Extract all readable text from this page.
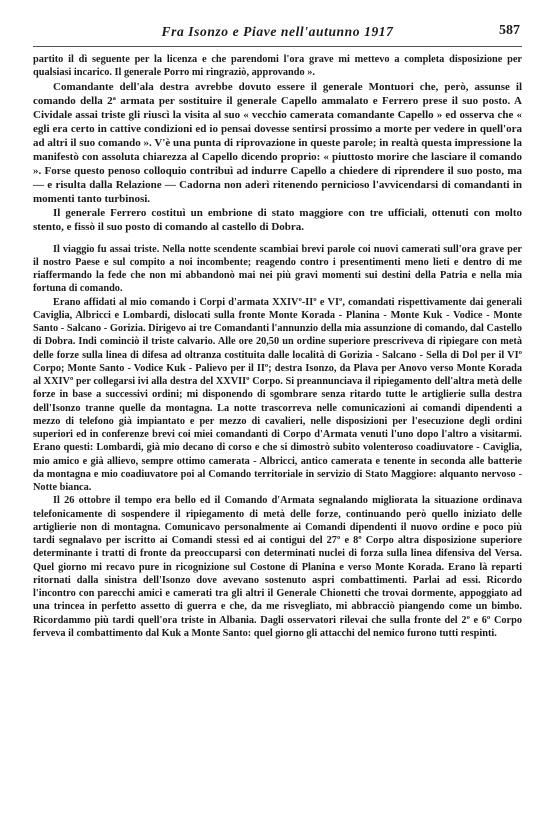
Fra Isonzo e Piave nell'autunno 1917	587

partito il dì seguente per la licenza e che parendomi l'ora grave mi mettevo a completa disposizione per qualsiasi incarico. Il generale Porro mi ringraziò, approvando ».

Comandante dell'ala destra avrebbe dovuto essere il generale Montuori che, però, assunse il comando della 2ª armata per sostituire il generale Capello ammalato e Ferrero prese il suo posto. A Cividale assai triste gli riuscì la visita al suo « vecchio camerata comandante Capello » ed osserva che « egli era certo in cattive condizioni ed io pensai dovesse sentirsi prossimo a morte per vedere in quell'ora ad altri il suo comando ». V'è una punta di riprovazione in queste parole; in realtà questa impressione la manifestò con assoluta chiarezza al Capello dicendo proprio: « piuttosto morire che lasciare il comando ». Forse questo penoso colloquio contribuì ad indurre Capello a chiedere di riprendere il suo posto, ma — e risulta dalla Relazione — Cadorna non aderì ritenendo pernicioso l'avvicendarsi di comandanti in momenti tanto turbinosi.

Il generale Ferrero costituì un embrione di stato maggiore con tre ufficiali, ottenuti con molto stento, e fissò il suo posto di comando al castello di Dobra.

Il viaggio fu assai triste. Nella notte scendente scambiai brevi parole coi nuovi camerati sull'ora grave per il nostro Paese e sul compito a noi incombente; reagendo contro i presentimenti meno lieti e dentro di me riaffermando la fede che non mi abbandonò mai nei più gravi momenti sui destini della Patria e nella mia fortuna di comando.

Erano affidati al mio comando i Corpi d'armata XXIVº-IIº e VIº, comandati rispettivamente dai generali Caviglia, Albricci e Lombardi, dislocati sulla fronte Monte Korada - Planina - Monte Kuk - Vodice - Monte Santo - Salcano - Gorizia. Dirigevo ai tre Comandanti l'annunzio della mia assunzione di comando, dal Castello di Dobra. Indi cominciò il triste calvario. Alle ore 20,50 un ordine superiore prescriveva di ripiegare con metà delle forze sulla linea di difesa ad oltranza costituita dalle località di Gorizia - Salcano - Sella di Dol per il VIº Corpo; Monte Santo - Vodice Kuk - Palievo per il IIº; destra Isonzo, da Plava per Anovo verso Monte Korada al XXIVº per collegarsi ivi alla destra del XXVIIº Corpo. Si preannunciava il ripiegamento dell'altra metà delle forze in base a successivi ordini; mi disponendo di sgombrare senza ritardo tutte le artiglierie sulla destra dell'Isonzo tranne quelle da montagna. La notte trascorreva nelle comunicazioni ai comandi dipendenti a mezzo di telefono già impiantato e per mezzo di cavalieri, nelle disposizioni per l'esecuzione degli ordini superiori ed in conferenze brevi coi miei comandanti di Corpo d'Armata venuti l'uno dopo l'altro a visitarmi. Erano questi: Lombardi, già mio decano di corso e che si dimostrò subito volenteroso coadiuvatore - Caviglia, mio amico e già allievo, sempre ottimo camerata - Albricci, antico camerata e tenente in seconda alle batterie da montagna e mio coadiuvatore poi al Comando territoriale in servizio di Stato Maggiore: alquanto nervoso - Notte bianca.

Il 26 ottobre il tempo era bello ed il Comando d'Armata segnalando migliorata la situazione ordinava telefonicamente di sospendere il ripiegamento di metà delle forze, continuando però quello iniziato delle artiglierie non di montagna. Comunicavo personalmente ai Comandi dipendenti il nuovo ordine e poco più tardi segnalavo per iscritto ai Comandi stessi ed ai contigui del 27º e 8º Corpo altra disposizione superiore determinante i tratti di fronte da preoccuparsi con determinati nuclei di forza sulla linea difensiva del Versa. Quel giorno mi recavo pure in ricognizione sul Costone di Planina e verso Monte Korada. Erano là reparti ritornati dalla sinistra dell'Isonzo dove avevano sostenuto aspri combattimenti. Parlai ad essi. Ricordo l'incontro con parecchi amici e camerati tra gli altri il Generale Chionetti che trovai dormente, appoggiato ad una trincea in perfetto assetto di guerra e che, da me risvegliato, mi abbracciò piangendo come un bimbo. Ricordammo più tardi quell'ora triste in Albania. Dagli osservatori rilevai che sulla fronte del 2º e 6º Corpo ferveva il combattimento dal Kuk a Monte Santo: quel giorno gli attacchi del nemico furono tutti respinti.
